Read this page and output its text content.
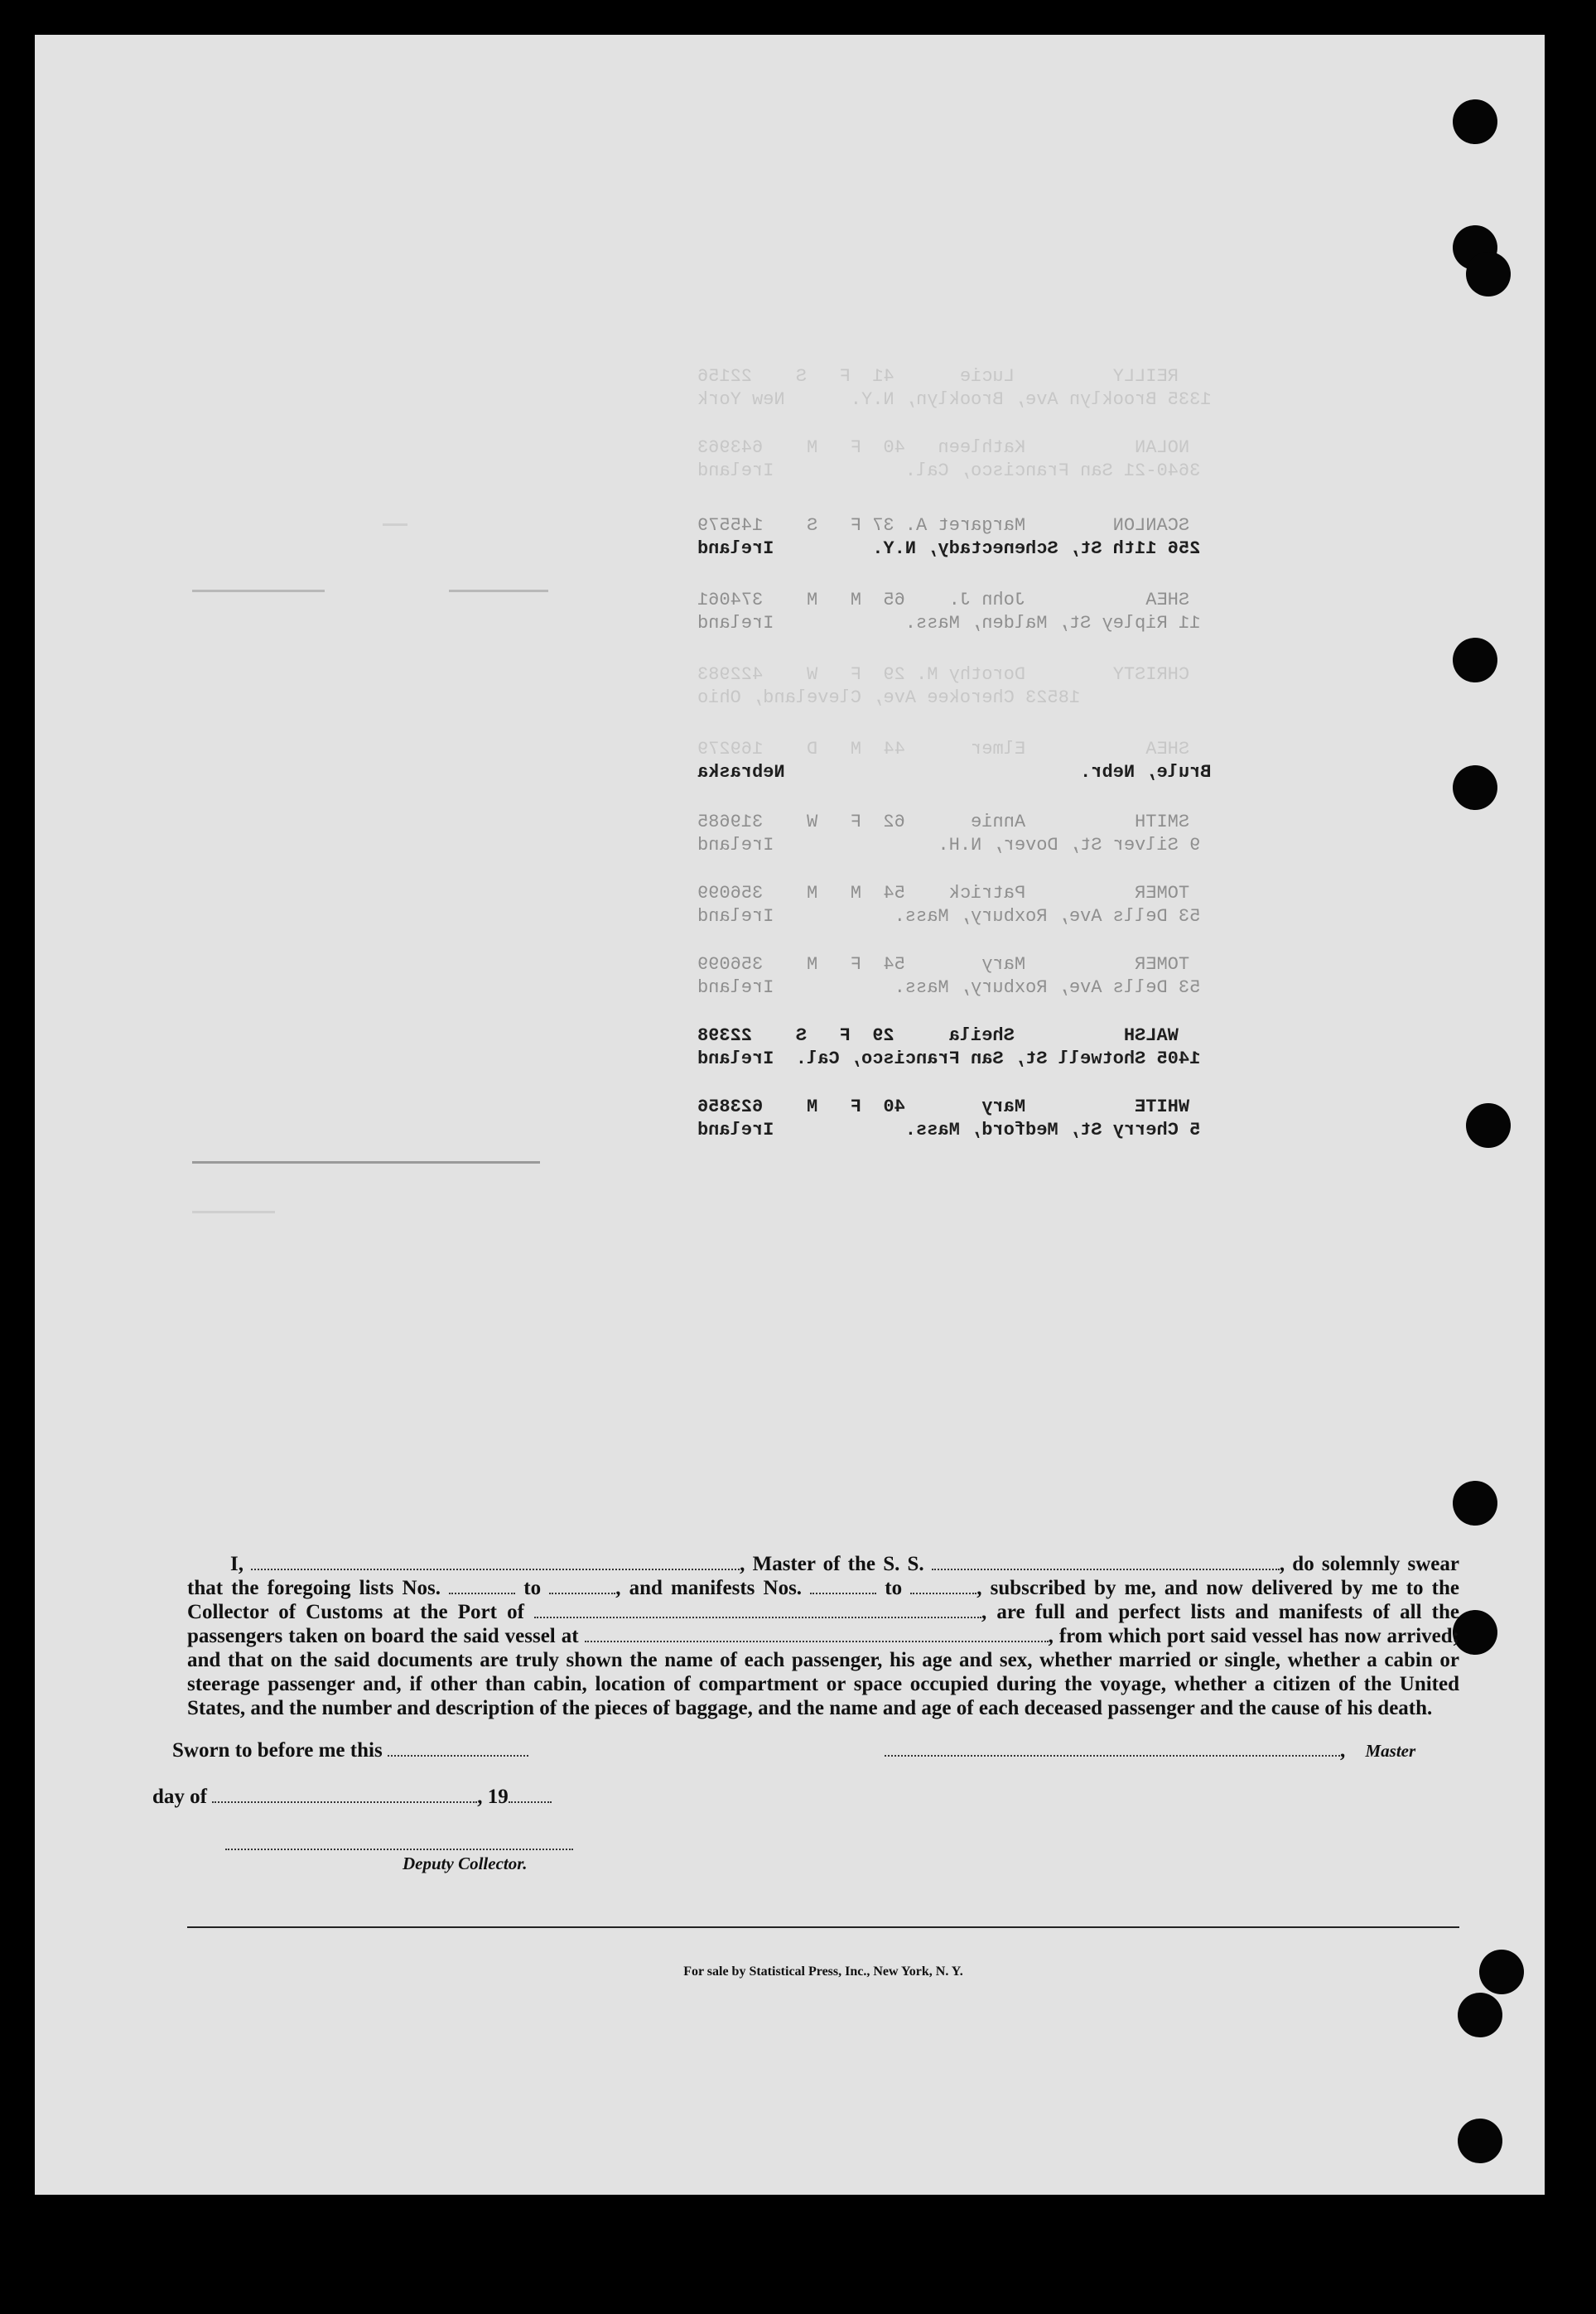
REILLY         Lucie      41  F   S    22156
1335 Brooklyn Ave, Brooklyn, N.Y.      New York
NOLAN          Kathleen   40  F   M    643963
3640-21 San Francisco, Cal.            Ireland
SCANLON        Margaret A. 37 F   S    145579
256 11th St, Schenectady, N.Y.         Ireland
SHEA           John J.    65  M   M    374061
11 Ripley St, Malden, Mass.            Ireland
CHRISTY        Dorothy M. 29  F   W    422983
18523 Cherokee Ave, Cleveland, Ohio
SHEA           Elmer      44  M   D    169279
Brule, Nebr.                           Nebraska
SMITH          Annie      62  F   W    319685
9 Silver St, Dover, N.H.               Ireland
TOMER          Patrick    54  M   M    356099
53 Dells Ave, Roxbury, Mass.           Ireland
TOMER          Mary       54  F   M    356099
53 Dells Ave, Roxbury, Mass.           Ireland
WALSH          Sheila     29  F   S    22398
1405 Shotwell St, San Francisco, Cal.  Ireland
WHITE          Mary       40  F   M    623856
5 Cherry St, Medford, Mass.            Ireland

I,	, Master of the S. S.	, do solemnly swear that the foregoing lists Nos.	to	, and manifests Nos.	to	, subscribed by me, and now delivered by me to the Collector of Customs at the Port of	, are full and perfect lists and manifests of all the passengers taken on board the said vessel at	, from which port said vessel has now arrived; and that on the said documents are truly shown the name of each passenger, his age and sex, whether married or single, whether a cabin or steerage passenger and, if other than cabin, location of compartment or space occupied during the voyage, whether a citizen of the United States, and the number and description of the pieces of baggage, and the name and age of each deceased passenger and the cause of his death.

Sworn to before me this	, Master
day of	, 19
Deputy Collector.
For sale by Statistical Press, Inc., New York, N. Y.
